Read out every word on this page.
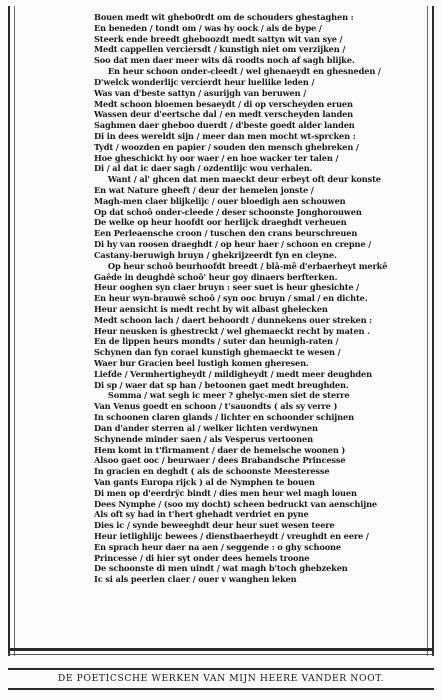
Bouen medt wit ghebo0rdt om de schouders ghestaghen :
En beneden / tondt om / was hy oock / als de bype /
Steerk ende breedt gheboozdt medt sattyn wit van sye /
Medt cappellen verciersdt / kunstigh niet om verzijken /
Soo dat men daer meer wits dã roodts noch af sagh blijke.
En heur schoon onder-cleedt / wel ghenaeydt en ghesneden /
D'welck wonderlijc vercierdt heur lueliike leden /
Was van d'beste sattyn / asurijgh van beruwen /
Medt schoon bloemen besaeydt / di op verscheyden eruen
Wassen deur d'eertsche dal / en medt verscheyden landen
Saghmen daer gheboo duerdt / d'beste goedt alder landen
Di in dees wereldt sijn / meer dan men mocht wt-sprcken :
Tydt / woozden en papier / souden den mensch ghebreken /
Hoe gheschickt hy oor waer / en hoe wacker ter talen /
Di / al dat ic daer sagh / ozdentlijc wou verhalen.
Want / al' ghcen dat men maeckt deur erbeyt oft deur konste
En wat Nature gheeft / deur der hemelen jonste /
Magh-men claer blijkelijc / ouer bloedigh aen schouwen
Op dat schoô onder-cleede / deser schoonste Jonghorouwen
De welke op heur hoofdt oor herlijck draeghdt verheuen
Een Perleaensche croon / tuschen den crans beurschreuen
Di hy van roosen draeghdt / op heur haer / schoon en crepne /
Castany-beruwigh bruyn / ghekrijzeerdt fyn en cleyne.
Op heur schoô beurhoofdt breedt / blâ-mê d'erbaerheyt merkê
Gaêde in deughdê schoô' heur goy dinaers berfterken.
Heur ooghen syn claer bruyn : seer suet is heur ghesichte /
En heur wyn-brauwê schoô / syn ooc bruyn / smal / en dichte.
Heur aensicht is medt recht by wit albast ghelecken
Medt schoon lach / daert behoordt / dunnekens ouer streken :
Heur neusken is ghestreckt / wel ghemaeckt recht by maten .
En de lippen heurs mondts / suter dan heunigh-raten /
Schynen dan fyn corael kunstigh ghemaeckt te wesen /
Waer bur Gracien beel lustigh komen gheresen.
Liefde / Vermhertigheydt / mildigheydt / medt meer deughden
Di sp / waer dat sp han / betoonen gaet medt breughden.
Somma / wat segh ic meer ? ghelyc-men siet de sterre
Van Venus goedt en schoon / t'sauondts ( als sy verre )
In schoonen claren glands / lichter en schoonder schijnen
Dan d'ander sterren al / welker lichten verdwynen
Schynende minder saen / als Vesperus vertoonen
Hem komt in t'firmament / daer de hemelsche woonen )
Alsoo gaet ooc / beurwaer / dees Brabandsche Princesse
In gracien en deghdt ( als de schoonste Meesteresse
Van gants Europa rijck ) al de Nymphen te bouen
Di men op d'eerdrÿc bindt / dies men heur wel magh louen
Dees Nymphe / (soo my docht) scheen bedruckt van aenschijne
Als oft sy had in t'hert ghehadt verdriet en pyne
Dies ic / synde beweeghdt deur heur suet wesen teere
Heur ietlighlijc bewees / dienstbaerheydt / vreughdt en eere /
En sprach heur daer na aen / seggende : o ghy schoone
Princesse / di hier syt onder dees hemels troone
De schoonste di men uindt / wat magh b'toch ghebzeken
Ic si als peerlen claer / ouer v wanghen leken
DE POETICSCHE WERKEN VAN MIJN HEERE VANDER NOOT.
